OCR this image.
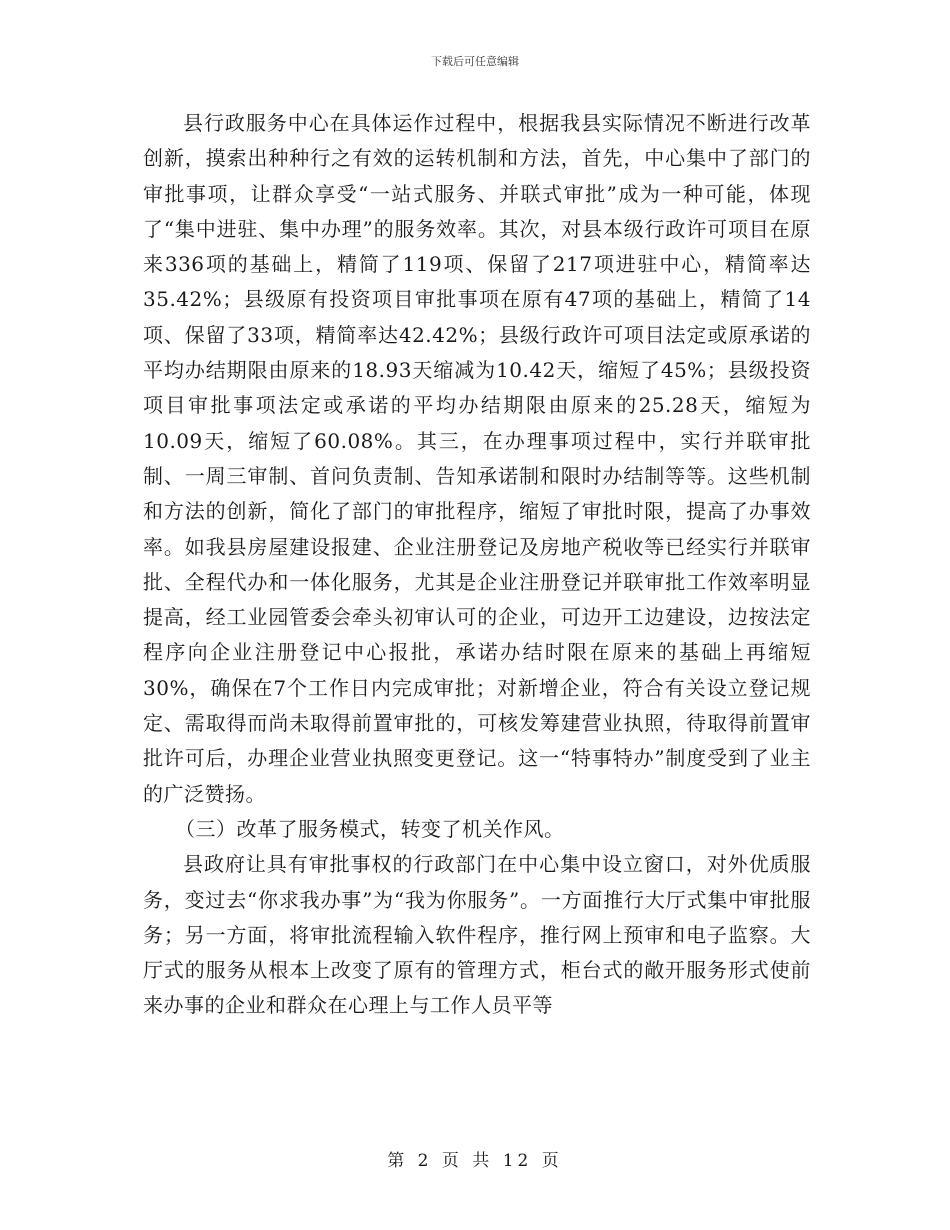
下载后可任意编辑

县行政服务中心在具体运作过程中，根据我县实际情况不断进行改革创新，摸索出种种行之有效的运转机制和方法，首先，中心集中了部门的审批事项，让群众享受“一站式服务、并联式审批”成为一种可能，体现了“集中进驻、集中办理”的服务效率。其次，对县本级行政许可项目在原来336项的基础上，精简了119项、保留了217项进驻中心，精简率达35.42%；县级原有投资项目审批事项在原有47项的基础上，精简了14项、保留了33项，精简率达42.42%；县级行政许可项目法定或原承诺的平均办结期限由原来的18.93天缩减为10.42天，缩短了45%；县级投资项目审批事项法定或承诺的平均办结期限由原来的25.28天，缩短为10.09天，缩短了60.08%。其三，在办理事项过程中，实行并联审批制、一周三审制、首问负责制、告知承诺制和限时办结制等等。这些机制和方法的创新，简化了部门的审批程序，缩短了审批时限，提高了办事效率。如我县房屋建设报建、企业注册登记及房地产税收等已经实行并联审批、全程代办和一体化服务，尤其是企业注册登记并联审批工作效率明显提高，经工业园管委会牵头初审认可的企业，可边开工边建设，边按法定程序向企业注册登记中心报批，承诺办结时限在原来的基础上再缩短30%，确保在7个工作日内完成审批；对新增企业，符合有关设立登记规定、需取得而尚未取得前置审批的，可核发筹建营业执照，待取得前置审批许可后，办理企业营业执照变更登记。这一“特事特办”制度受到了业主的广泛赞扬。

（三）改革了服务模式，转变了机关作风。

县政府让具有审批事权的行政部门在中心集中设立窗口，对外优质服务，变过去“你求我办事”为“我为你服务”。一方面推行大厅式集中审批服务；另一方面，将审批流程输入软件程序，推行网上预审和电子监察。大厅式的服务从根本上改变了原有的管理方式，柜台式的敞开服务形式使前来办事的企业和群众在心理上与工作人员平等

第 2 页 共 12 页
